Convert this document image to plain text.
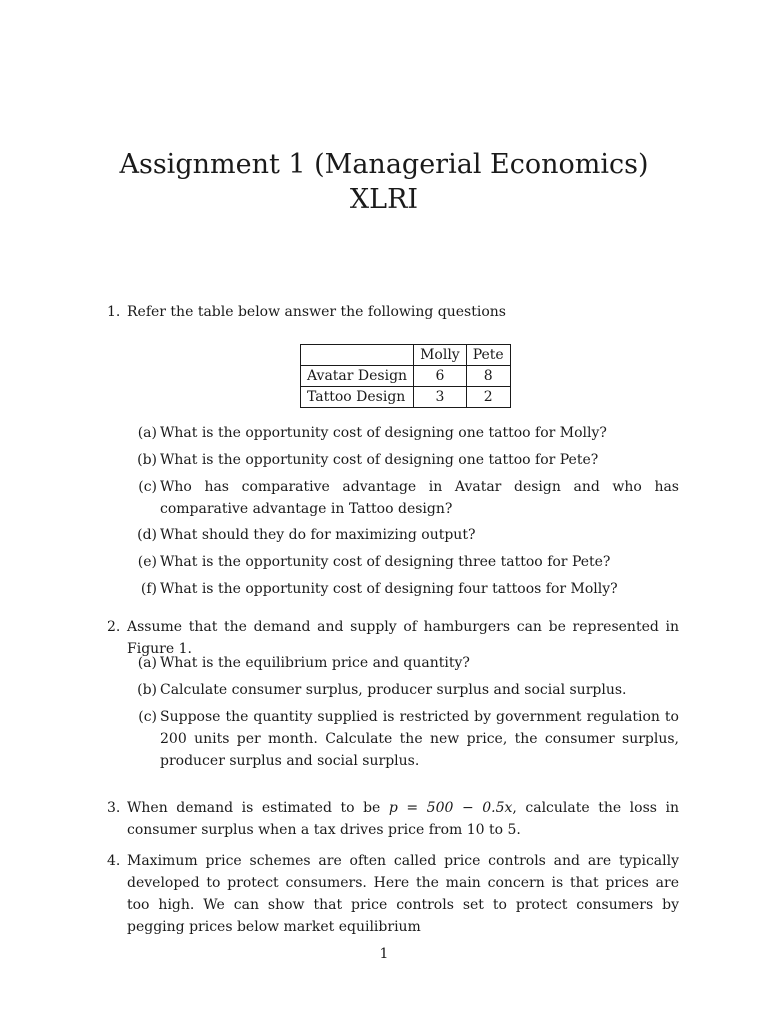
Assignment 1 (Managerial Economics)
XLRI
1. Refer the table below answer the following questions
	Molly	Pete
Avatar Design	6	8
Tattoo Design	3	2
(a) What is the opportunity cost of designing one tattoo for Molly?
(b) What is the opportunity cost of designing one tattoo for Pete?
(c) Who has comparative advantage in Avatar design and who has comparative advantage in Tattoo design?
(d) What should they do for maximizing output?
(e) What is the opportunity cost of designing three tattoo for Pete?
(f) What is the opportunity cost of designing four tattoos for Molly?
2. Assume that the demand and supply of hamburgers can be represented in Figure 1.
(a) What is the equilibrium price and quantity?
(b) Calculate consumer surplus, producer surplus and social surplus.
(c) Suppose the quantity supplied is restricted by government regulation to 200 units per month. Calculate the new price, the consumer surplus, producer surplus and social surplus.
3. When demand is estimated to be p = 500 − 0.5x, calculate the loss in consumer surplus when a tax drives price from 10 to 5.
4. Maximum price schemes are often called price controls and are typically developed to protect consumers. Here the main concern is that prices are too high. We can show that price controls set to protect consumers by pegging prices below market equilibrium
1
